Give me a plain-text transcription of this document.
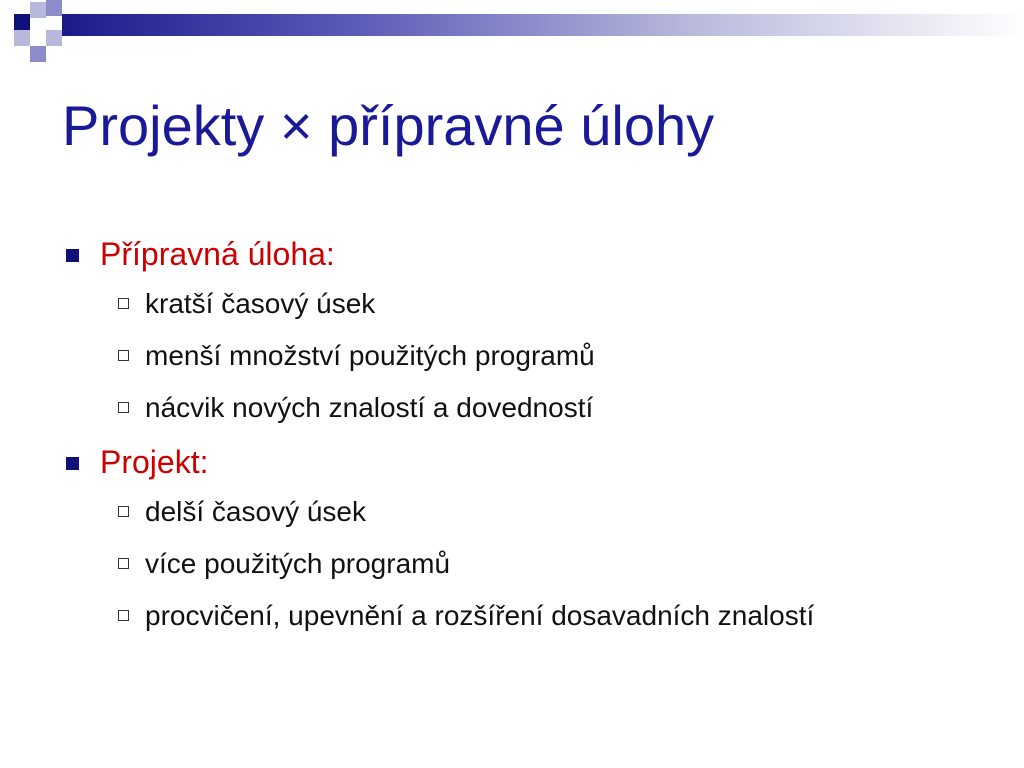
Projekty × přípravné úlohy
Přípravná úloha:
kratší časový úsek
menší množství použitých programů
nácvik nových znalostí a dovedností
Projekt:
delší časový úsek
více použitých programů
procvičení, upevnění a rozšíření dosavadních znalostí
